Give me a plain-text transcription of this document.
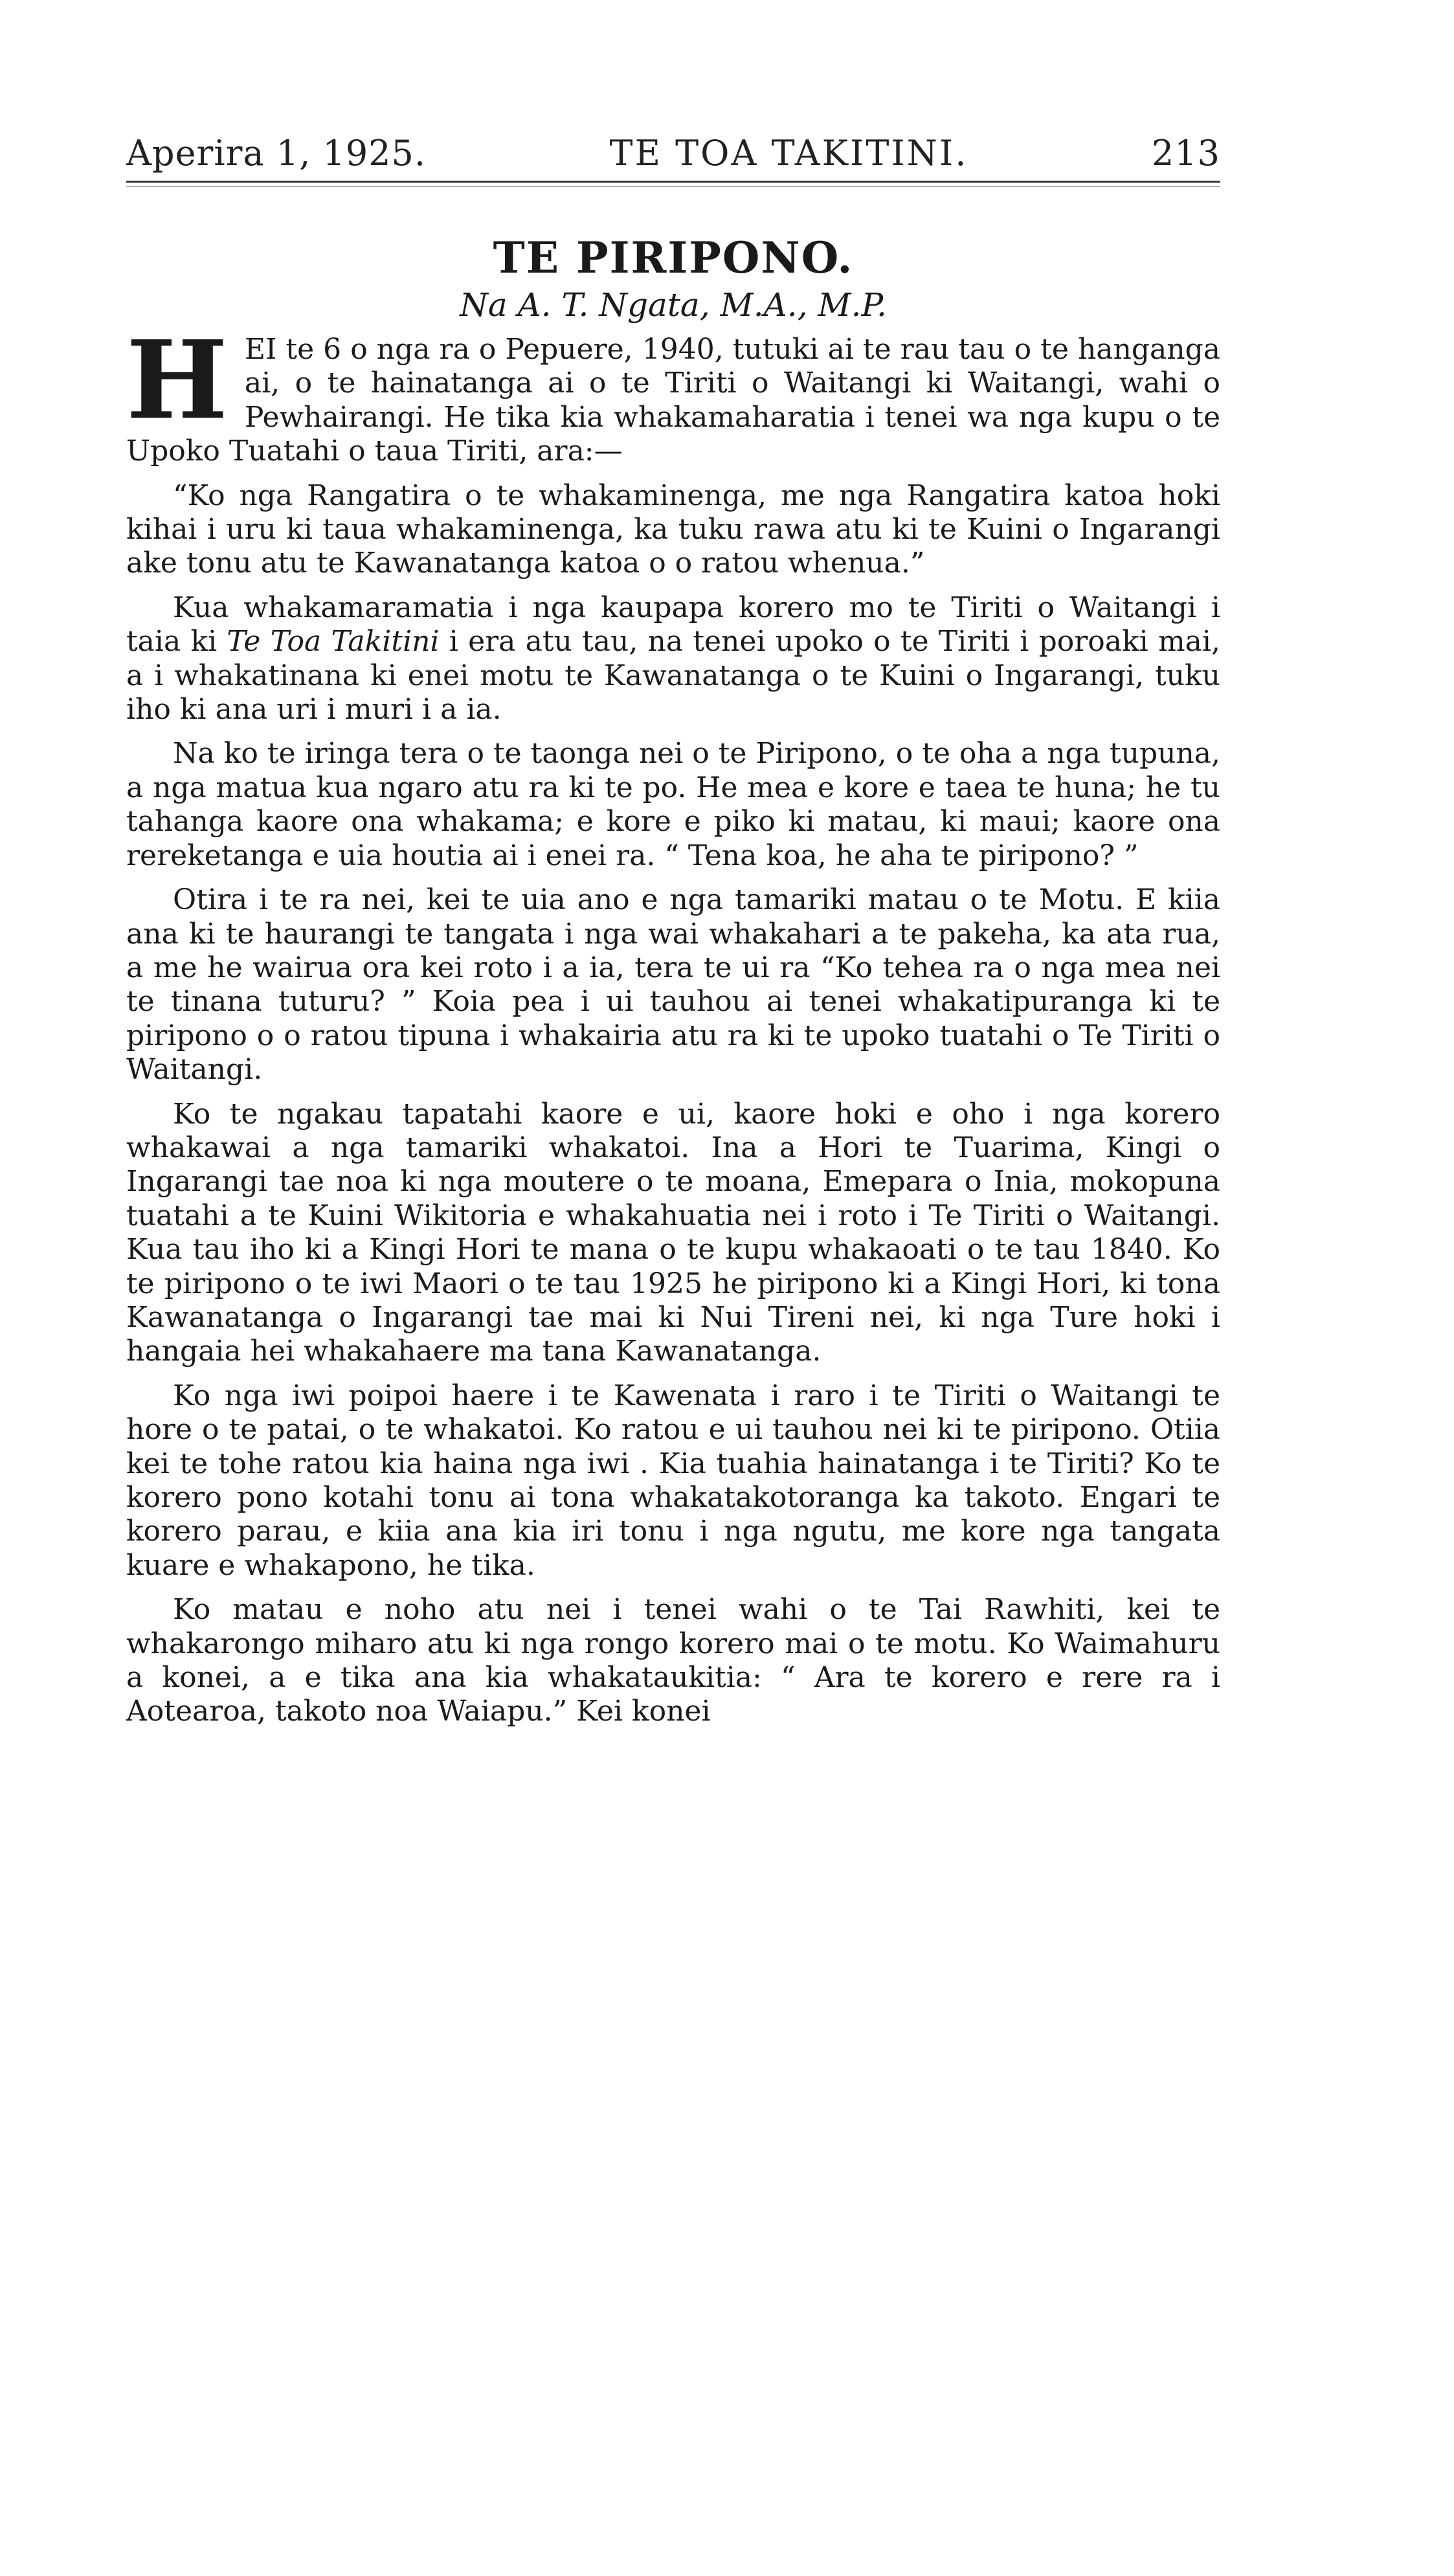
Aperira 1, 1925.	TE TOA TAKITINI.	213
TE PIRIPONO.
Na A. T. Ngata, M.A., M.P.

HEI te 6 o nga ra o Pepuere, 1940, tutuki ai te rau tau o te hanganga ai, o te hainatanga ai o te Tiriti o Waitangi ki Waitangi, wahi o Pewhairangi. He tika kia whakamaharatia i tenei wa nga kupu o te Upoko Tuatahi o taua Tiriti, ara:—

“Ko nga Rangatira o te whakaminenga, me nga Rangatira katoa hoki kihai i uru ki taua whakaminenga, ka tuku rawa atu ki te Kuini o Ingarangi ake tonu atu te Kawanatanga katoa o o ratou whenua.”

Kua whakamaramatia i nga kaupapa korero mo te Tiriti o Waitangi i taia ki Te Toa Takitini i era atu tau, na tenei upoko o te Tiriti i poroaki mai, a i whakatinana ki enei motu te Kawanatanga o te Kuini o Ingarangi, tuku iho ki ana uri i muri i a ia.

Na ko te iringa tera o te taonga nei o te Piripono, o te oha a nga tupuna, a nga matua kua ngaro atu ra ki te po. He mea e kore e taea te huna; he tu tahanga kaore ona whakama; e kore e piko ki matau, ki maui; kaore ona rereketanga e uia houtia ai i enei ra. “ Tena koa, he aha te piripono? ”

Otira i te ra nei, kei te uia ano e nga tamariki matau o te Motu. E kiia ana ki te haurangi te tangata i nga wai whakahari a te pakeha, ka ata rua, a me he wairua ora kei roto i a ia, tera te ui ra “Ko tehea ra o nga mea nei te tinana tuturu? ” Koia pea i ui tauhou ai tenei whakatipuranga ki te piripono o o ratou tipuna i whakairia atu ra ki te upoko tuatahi o Te Tiriti o Waitangi.

Ko te ngakau tapatahi kaore e ui, kaore hoki e oho i nga korero whakawai a nga tamariki whakatoi. Ina a Hori te Tuarima, Kingi o Ingarangi tae noa ki nga moutere o te moana, Emepara o Inia, mokopuna tuatahi a te Kuini Wikitoria e whakahuatia nei i roto i Te Tiriti o Waitangi. Kua tau iho ki a Kingi Hori te mana o te kupu whakaoati o te tau 1840. Ko te piripono o te iwi Maori o te tau 1925 he piripono ki a Kingi Hori, ki tona Kawanatanga o Ingarangi tae mai ki Nui Tireni nei, ki nga Ture hoki i hangaia hei whakahaere ma tana Kawanatanga.

Ko nga iwi poipoi haere i te Kawenata i raro i te Tiriti o Waitangi te hore o te patai, o te whakatoi. Ko ratou e ui tauhou nei ki te piripono. Otiia kei te tohe ratou kia haina nga iwi . Kia tuahia hainatanga i te Tiriti? Ko te korero pono kotahi tonu ai tona whakatakotoranga ka takoto. Engari te korero parau, e kiia ana kia iri tonu i nga ngutu, me kore nga tangata kuare e whakapono, he tika.

Ko matau e noho atu nei i tenei wahi o te Tai Rawhiti, kei te whakarongo miharo atu ki nga rongo korero mai o te motu. Ko Waimahuru a konei, a e tika ana kia whakataukitia: “ Ara te korero e rere ra i Aotearoa, takoto noa Waiapu.” Kei konei
